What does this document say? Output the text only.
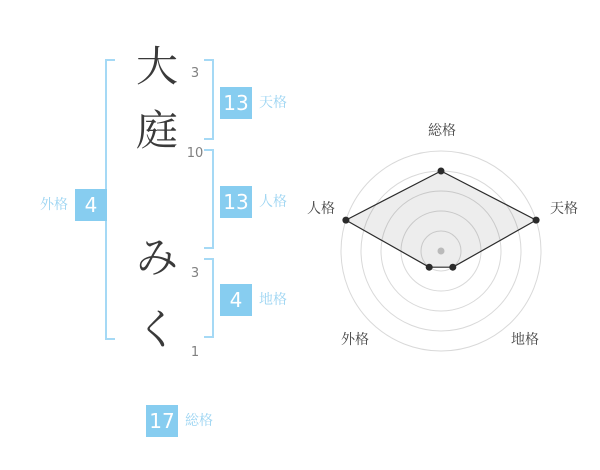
大
庭
み
く
3
10
3
1
13 天格
13 人格
4	地格
外格 4
17 総格
総格
天格
地格
外格
人格
